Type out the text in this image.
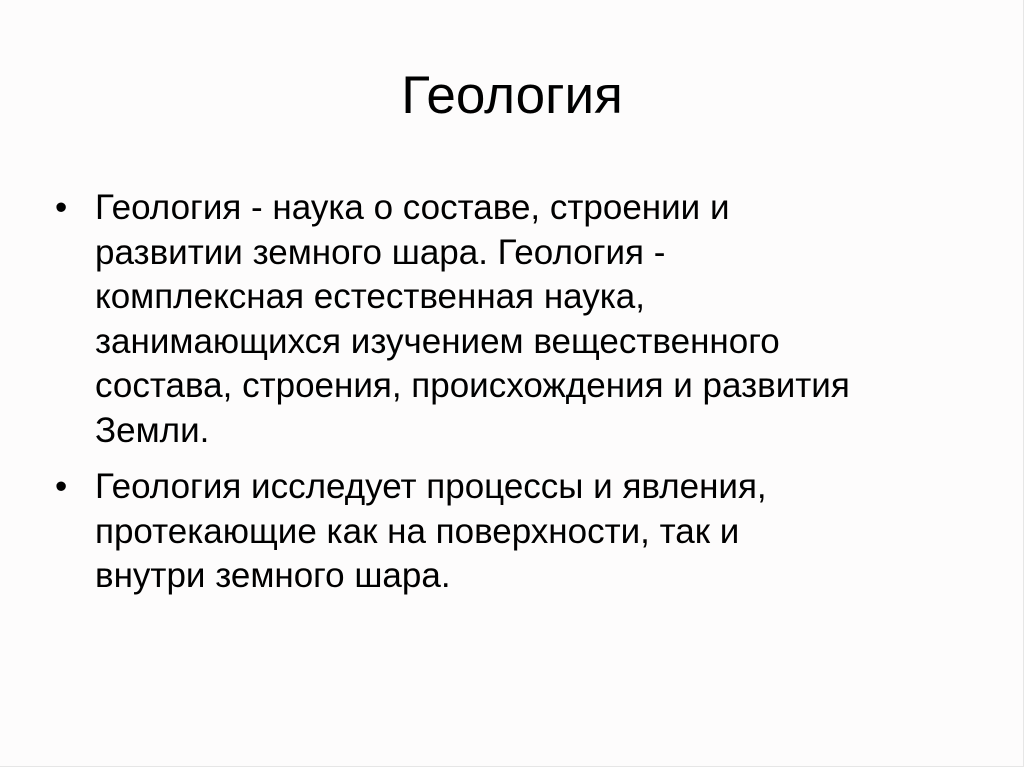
Геология
• Геология - наука о составе, строении и
развитии земного шара. Геология -
комплексная естественная наука,
занимающихся изучением вещественного
состава, строения, происхождения и развития
Земли.
• Геология исследует процессы и явления,
протекающие как на поверхности, так и
внутри земного шара.
